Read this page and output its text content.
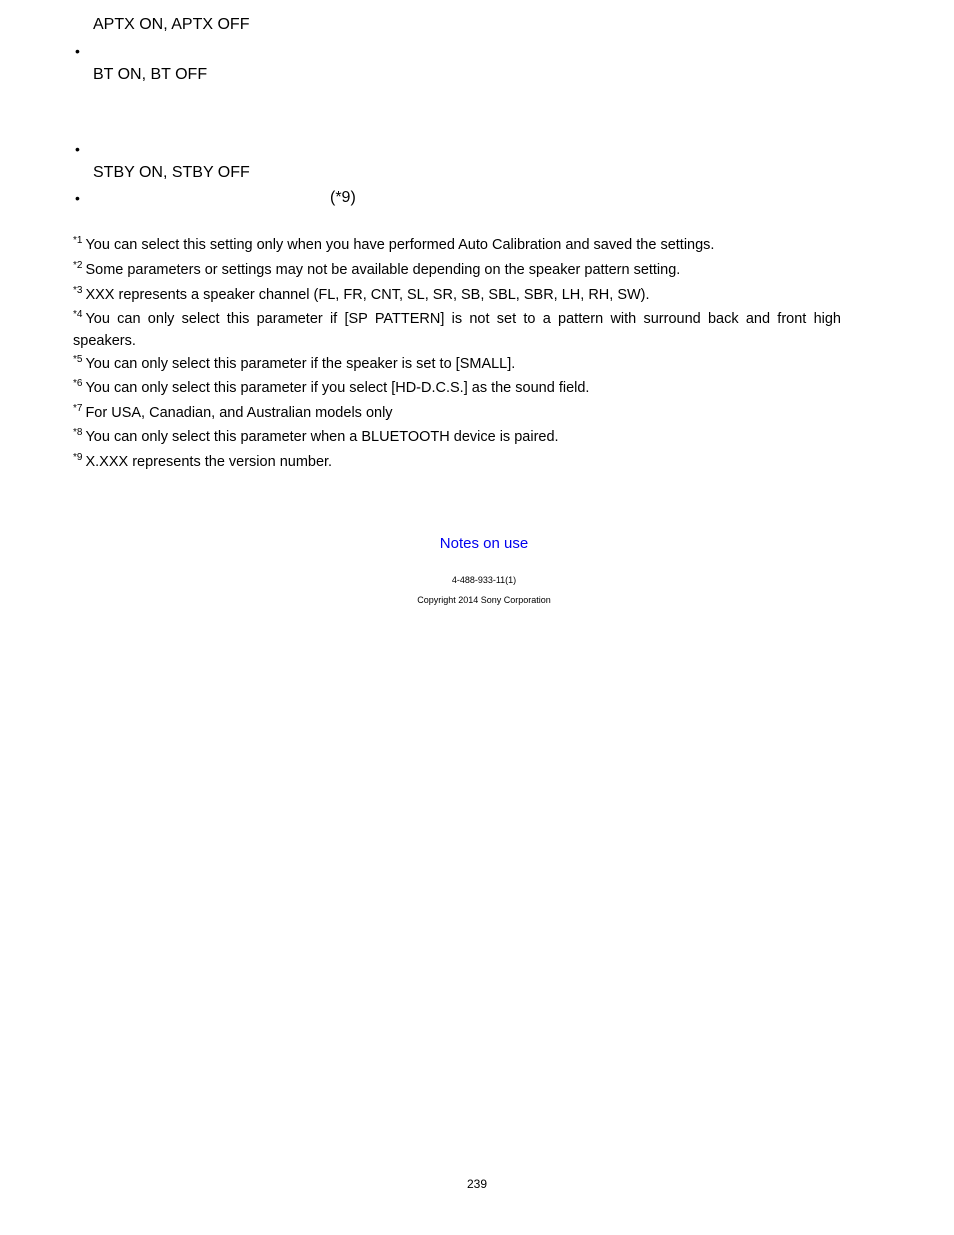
APTX ON, APTX OFF
•
BT ON, BT OFF
•
STBY ON, STBY OFF
•	(*9)
$^{*1}$ You can select this setting only when you have performed Auto Calibration and saved the settings.
$^{*2}$ Some parameters or settings may not be available depending on the speaker pattern setting.
$^{*3}$ XXX represents a speaker channel (FL, FR, CNT, SL, SR, SB, SBL, SBR, LH, RH, SW).
$^{*4}$ You can only select this parameter if [SP PATTERN] is not set to a pattern with surround back and front high speakers.
$^{*5}$ You can only select this parameter if the speaker is set to [SMALL].
$^{*6}$ You can only select this parameter if you select [HD-D.C.S.] as the sound field.
$^{*7}$ For USA, Canadian, and Australian models only
$^{*8}$ You can only select this parameter when a BLUETOOTH device is paired.
$^{*9}$ X.XXX represents the version number.
Notes on use
4-488-933-11(1)
Copyright 2014 Sony Corporation
239
